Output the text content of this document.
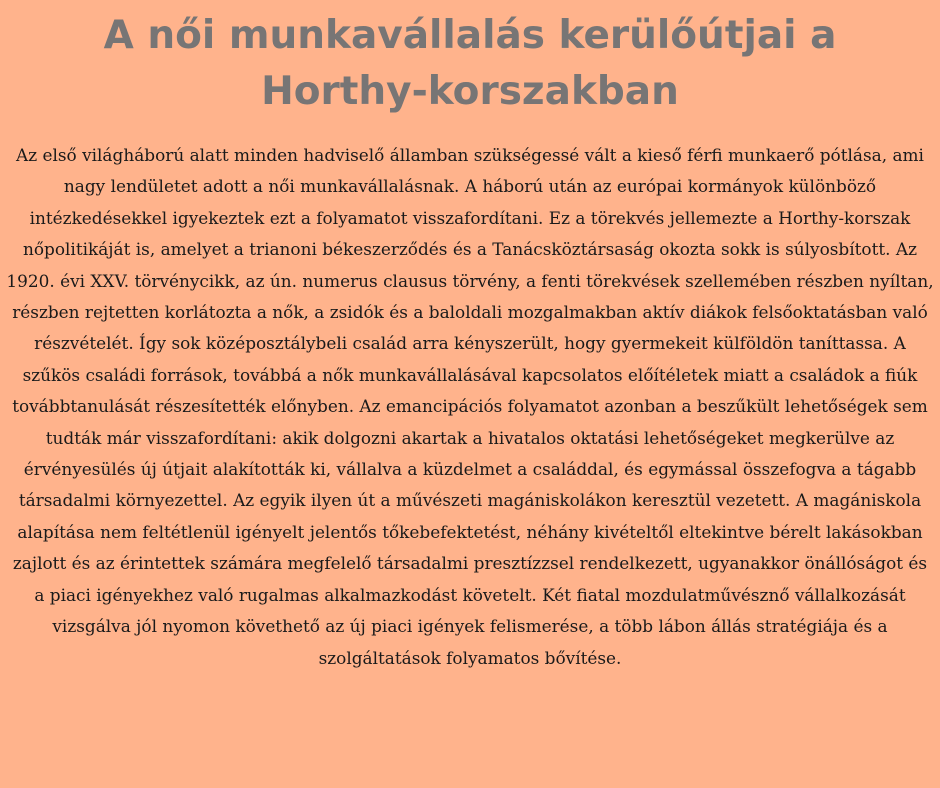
A női munkavállalás kerülőútjai a Horthy-korszakban

Az első világháború alatt minden hadviselő államban szükségessé vált a kieső férfi munkaerő pótlása, ami nagy lendületet adott a női munkavállalásnak. A háború után az európai kormányok különböző intézkedésekkel igyekeztek ezt a folyamatot visszafordítani. Ez a törekvés jellemezte a Horthy-korszak nőpolitikáját is, amelyet a trianoni békeszerződés és a Tanácsköztársaság okozta sokk is súlyosbított. Az 1920. évi XXV. törvénycikk, az ún. numerus clausus törvény, a fenti törekvések szellemében részben nyíltan, részben rejtetten korlátozta a nők, a zsidók és a baloldali mozgalmakban aktív diákok felsőoktatásban való részvételét. Így sok középosztálybeli család arra kényszerült, hogy gyermekeit külföldön taníttassa. A szűkös családi források, továbbá a nők munkavállalásával kapcsolatos előítéletek miatt a családok a fiúk továbbtanulását részesítették előnyben. Az emancipációs folyamatot azonban a beszűkült lehetőségek sem tudták már visszafordítani: akik dolgozni akartak a hivatalos oktatási lehetőségeket megkerülve az érvényesülés új útjait alakították ki, vállalva a küzdelmet a családdal, és egymással összefogva a tágabb társadalmi környezettel. Az egyik ilyen út a művészeti magániskolákon keresztül vezetett. A magániskola alapítása nem feltétlenül igényelt jelentős tőkebefektetést, néhány kivételtől eltekintve bérelt lakásokban zajlott és az érintettek számára megfelelő társadalmi presztízzsel rendelkezett, ugyanakkor önállóságot és a piaci igényekhez való rugalmas alkalmazkodást követelt. Két fiatal mozdulatművésznő vállalkozását vizsgálva jól nyomon követhető az új piaci igények felismerése, a több lábon állás stratégiája és a szolgáltatások folyamatos bővítése.
